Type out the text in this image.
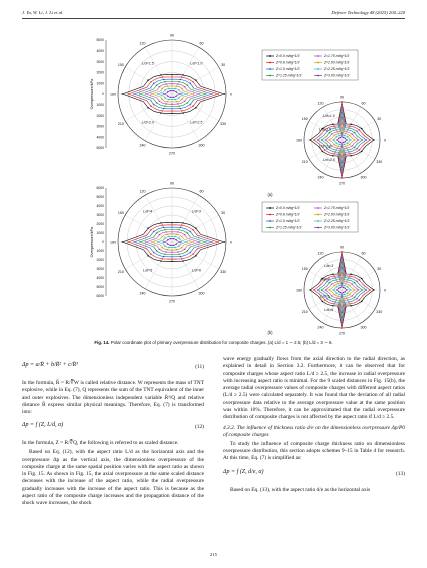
J. Yu, W. Li, J. Li et al.	Defence Technology 48 (2025) 204–220
0
30
60
90
120
150
180
210
240
270
300
330
1000
1000
2000
2000
3000
3000
4000
4000
5000
5000
0
Overpressure/kPa
L/d=1.5	L/d=1.0
L/d=2.0	L/d=2.5
Z=0.6 m/kg^1/3
Z=0.8 m/kg^1/3
Z=1.0 m/kg^1/3
Z=1.25 m/kg^1/3
Z=1.75 m/kg^1/3
Z=2.00 m/kg^1/3
Z=2.25 m/kg^1/3
Z=3.00 m/kg^1/3
0
30
60
90
120
150
180
210
240
270
300
330
L/d=1.0
L/d=1.5
L/d=2.0
L/d=2.5
(a)
0
30
60
90
120
150
180
210
240
270
300
330
1000
1000
2000
2000
3000
3000
4000
4000
5000
5000
6000
6000
0
Overpressure/kPa
L/d=4	L/d=3
L/d=5	L/d=6
Z=0.6 m/kg^1/3
Z=0.8 m/kg^1/3
Z=1.0 m/kg^1/3
Z=1.25 m/kg^1/3
Z=1.75 m/kg^1/3
Z=2.00 m/kg^1/3
Z=2.25 m/kg^1/3
Z=3.00 m/kg^1/3
0
30
60
90
120
150
180
210
240
270
300
330
L/d=3
L/d=4
L/d=5
L/d=6
(b)
Fig. 14. Polar coordinate plot of primary overpressure distribution for composite charges. (a) L/d = 1 ∼ 2.5; (b) L/d = 3 ∼ 6.
Δp = a/R̄ + b/R̄² + c/R̄³	(11)

In the formula, R̄ = R/∛W is called relative distance. W represents the mass of TNT explosive, while in Eq. (7), Q represents the sum of the TNT equivalent of the inner and outer explosives. The dimensionless independent variable R̄³/Q and relative distance R̄ express similar physical meanings. Therefore, Eq. (7) is transformed into:

Δp = f (Z, L/d, α)	(12)

In the formula, Z = R/∛Q, the following is referred to as scaled distance.

Based on Eq. (12), with the aspect ratio L/d as the horizontal axis and the overpressure Δp as the vertical axis, the dimensionless overpressure of the composite charge at the same spatial position varies with the aspect ratio as shown in Fig. 15. As shown in Fig. 15, the axial overpressure at the same scaled distance decreases with the increase of the aspect ratio, while the radial overpressure gradually increases with the increase of the aspect ratio. This is because as the aspect ratio of the composite charge increases and the propagation distance of the shock wave increases, the shock

wave energy gradually flows from the axial direction to the radial direction, as explained in detail in Section 3.2. Furthermore, it can be observed that for composite charges whose aspect ratio L/d ≥ 2.5, the increase in radial overpressure with increasing aspect ratio is minimal. For the 9 scaled distances in Fig. 15(b), the average radial overpressure values of composite charges with different aspect ratios (L/d ≥ 2.5) were calculated separately. It was found that the deviation of all radial overpressure data relative to the average overpressure value at the same position was within 10%. Therefore, it can be approximated that the radial overpressure distribution of composite charges is not affected by the aspect ratio if L/d ≥ 2.5.

4.3.2. The influence of thickness ratio d/e on the dimensionless overpressure Δp/P0 of composite charges

To study the influence of composite charge thickness ratio on dimensionless overpressure distribution, this section adopts schemes 9–15 in Table 4 for research. At this time, Eq. (7) is simplified as:

Δp = f (Z, d/e, α)	(13)

Based on Eq. (13), with the aspect ratio d/e as the horizontal axis

215
